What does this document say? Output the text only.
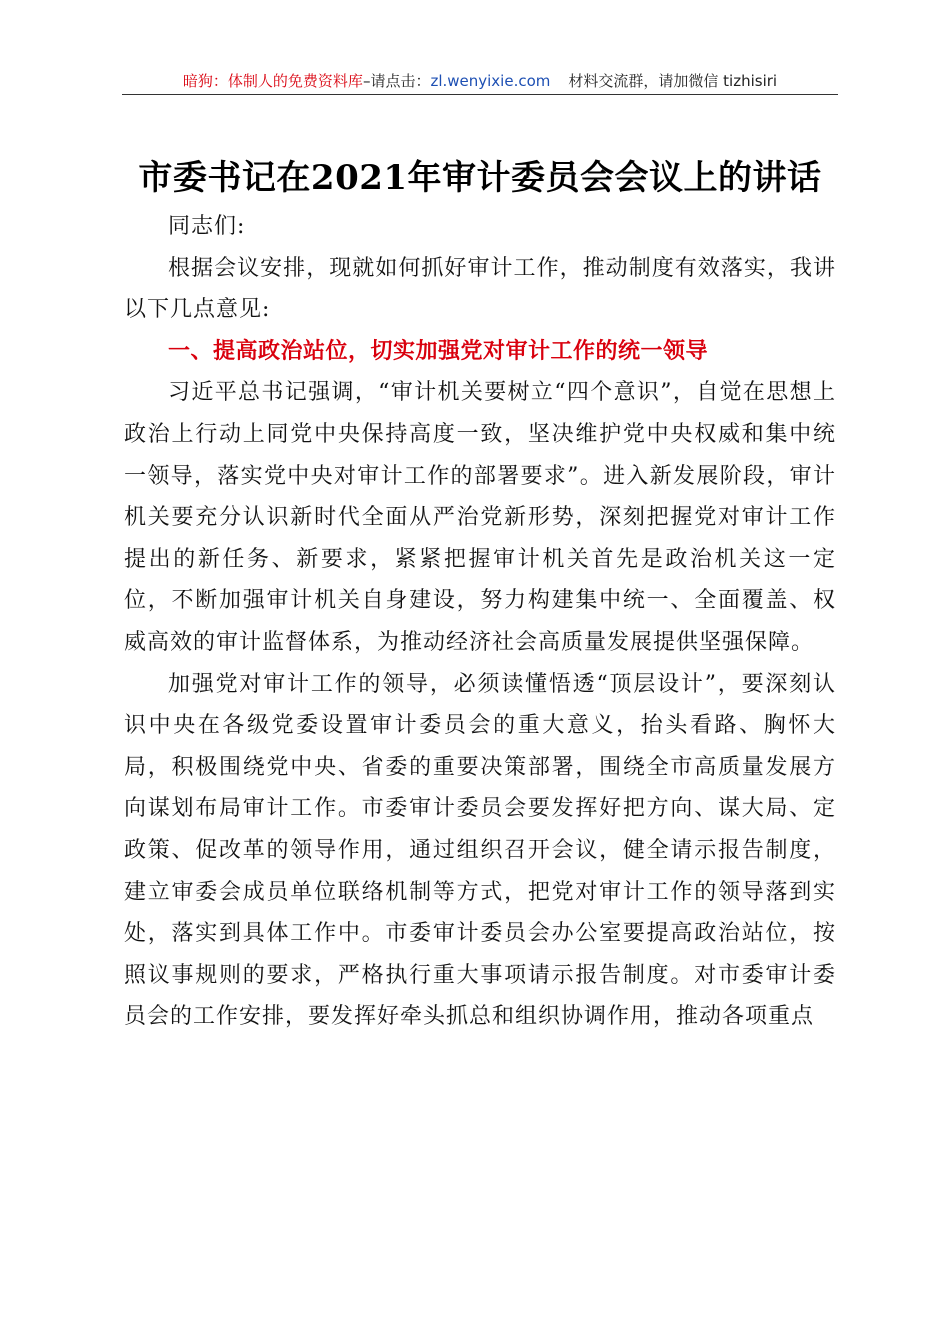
暗狗：体制人的免费资料库–请点击：zl.wenyixie.com 材料交流群，请加微信 tizhisiri
市委书记在2021年审计委员会会议上的讲话

同志们:

根据会议安排，现就如何抓好审计工作，推动制度有效落实，我讲以下几点意见:

一、提高政治站位，切实加强党对审计工作的统一领导

习近平总书记强调，“审计机关要树立“四个意识”，自觉在思想上政治上行动上同党中央保持高度一致，坚决维护党中央权威和集中统一领导，落实党中央对审计工作的部署要求”。进入新发展阶段，审计机关要充分认识新时代全面从严治党新形势，深刻把握党对审计工作提出的新任务、新要求，紧紧把握审计机关首先是政治机关这一定位，不断加强审计机关自身建设，努力构建集中统一、全面覆盖、权威高效的审计监督体系，为推动经济社会高质量发展提供坚强保障。

加强党对审计工作的领导，必须读懂悟透“顶层设计”，要深刻认识中央在各级党委设置审计委员会的重大意义，抬头看路、胸怀大局，积极围绕党中央、省委的重要决策部署，围绕全市高质量发展方向谋划布局审计工作。市委审计委员会要发挥好把方向、谋大局、定政策、促改革的领导作用，通过组织召开会议，健全请示报告制度，建立审委会成员单位联络机制等方式，把党对审计工作的领导落到实处，落实到具体工作中。市委审计委员会办公室要提高政治站位，按照议事规则的要求，严格执行重大事项请示报告制度。对市委审计委员会的工作安排，要发挥好牵头抓总和组织协调作用，推动各项重点
